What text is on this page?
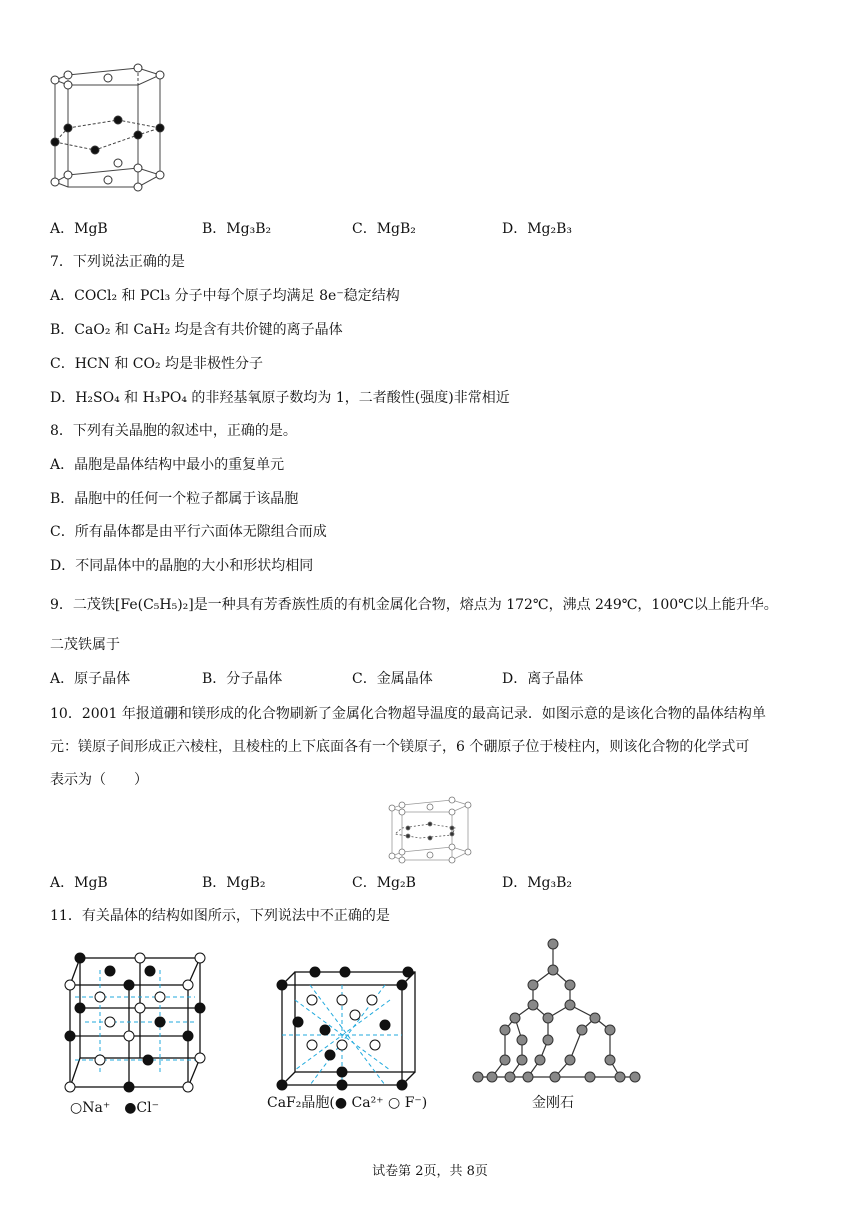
A．MgB	B．Mg₃B₂	C．MgB₂	D．Mg₂B₃
7．下列说法正确的是
A．COCl₂ 和 PCl₃ 分子中每个原子均满足 8e⁻稳定结构
B．CaO₂ 和 CaH₂ 均是含有共价键的离子晶体
C．HCN 和 CO₂ 均是非极性分子
D．H₂SO₄ 和 H₃PO₄ 的非羟基氧原子数均为 1，二者酸性(强度)非常相近
8．下列有关晶胞的叙述中，正确的是。
A．晶胞是晶体结构中最小的重复单元
B．晶胞中的任何一个粒子都属于该晶胞
C．所有晶体都是由平行六面体无隙组合而成
D．不同晶体中的晶胞的大小和形状均相同
9．二茂铁[Fe(C₅H₅)₂]是一种具有芳香族性质的有机金属化合物，熔点为 172℃，沸点 249℃，100℃以上能升华。
二茂铁属于
A．原子晶体	B．分子晶体	C．金属晶体	D．离子晶体
10．2001 年报道硼和镁形成的化合物刷新了金属化合物超导温度的最高记录．如图示意的是该化合物的晶体结构单
元：镁原子间形成正六棱柱，且棱柱的上下底面各有一个镁原子，6 个硼原子位于棱柱内，则该化合物的化学式可
表示为（　　）
A．MgB	B．MgB₂	C．Mg₂B	D．Mg₃B₂
11．有关晶体的结构如图所示，下列说法中不正确的是
○Na⁺　●Cl⁻	CaF₂晶胞(● Ca²⁺ ○ F⁻)	金刚石
试卷第 2页，共 8页
